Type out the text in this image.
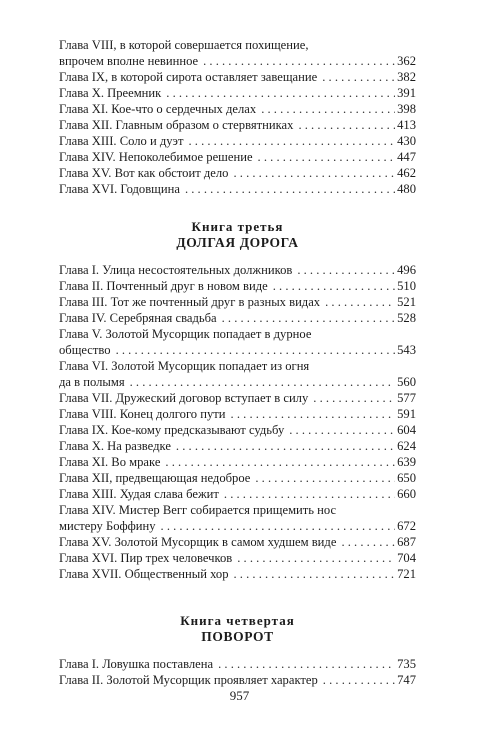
Глава VIII, в которой совершается похищение,
впрочем вполне невинное . . .	362
Глава IX, в которой сирота оставляет завещание . . .	382
Глава X. Преемник . . .	391
Глава XI. Кое-что о сердечных делах . . .	398
Глава XII. Главным образом о стервятниках . . .	413
Глава XIII. Соло и дуэт . . .	430
Глава XIV. Непоколебимое решение . . .	447
Глава XV. Вот как обстоит дело . . .	462
Глава XVI. Годовщина . . .	480
Книга третья
ДОЛГАЯ ДОРОГА
Глава I. Улица несостоятельных должников . . .	496
Глава II. Почтенный друг в новом виде . . .	510
Глава III. Тот же почтенный друг в разных видах . . .	521
Глава IV. Серебряная свадьба . . .	528
Глава V. Золотой Мусорщик попадает в дурное
общество . . .	543
Глава VI. Золотой Мусорщик попадает из огня
да в полымя . . .	560
Глава VII. Дружеский договор вступает в силу . . .	577
Глава VIII. Конец долгого пути . . .	591
Глава IX. Кое-кому предсказывают судьбу . . .	604
Глава X. На разведке . . .	624
Глава XI. Во мраке . . .	639
Глава XII, предвещающая недоброе . . .	650
Глава XIII. Худая слава бежит . . .	660
Глава XIV. Мистер Вегг собирается прищемить нос
мистеру Боффину . . .	672
Глава XV. Золотой Мусорщик в самом худшем виде . . .	687
Глава XVI. Пир трех человечков . . .	704
Глава XVII. Общественный хор . . .	721
Книга четвертая
ПОВОРОТ
Глава I. Ловушка поставлена . . .	735
Глава II. Золотой Мусорщик проявляет характер . . .	747
957
